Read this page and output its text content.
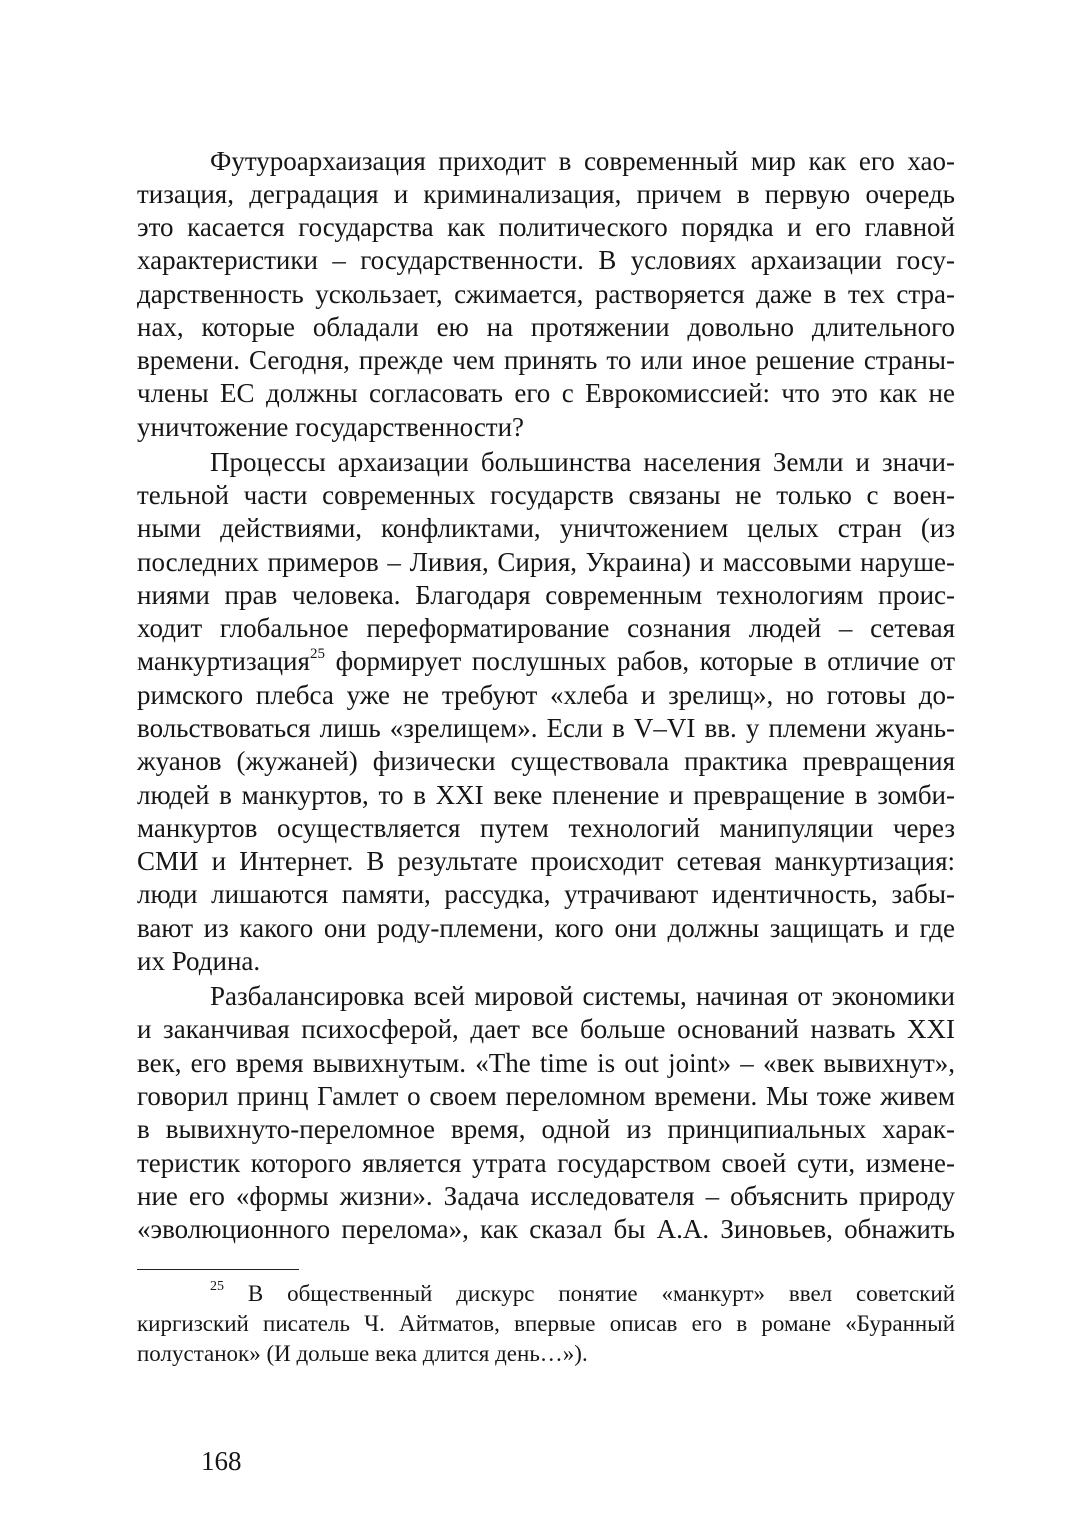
Футуроархаизация приходит в современный мир как его хао-
тизация, деградация и криминализация, причем в первую очередь
это касается государства как политического порядка и его главной
характеристики – государственности. В условиях архаизации госу-
дарственность ускользает, сжимается, растворяется даже в тех стра-
нах, которые обладали ею на протяжении довольно длительного
времени. Сегодня, прежде чем принять то или иное решение страны-
члены ЕС должны согласовать его с Еврокомиссией: что это как не
уничтожение государственности?
Процессы архаизации большинства населения Земли и значи-
тельной части современных государств связаны не только с воен-
ными действиями, конфликтами, уничтожением целых стран (из
последних примеров – Ливия, Сирия, Украина) и массовыми наруше-
ниями прав человека. Благодаря современным технологиям проис-
ходит глобальное переформатирование сознания людей – сетевая
манкуртизация$^{25}$ формирует послушных рабов, которые в отличие от
римского плебса уже не требуют «хлеба и зрелищ», но готовы до-
вольствоваться лишь «зрелищем». Если в V–VI вв. у племени жуань-
жуанов (жужаней) физически существовала практика превращения
людей в манкуртов, то в XXI веке пленение и превращение в зомби-
манкуртов осуществляется путем технологий манипуляции через
СМИ и Интернет. В результате происходит сетевая манкуртизация:
люди лишаются памяти, рассудка, утрачивают идентичность, забы-
вают из какого они роду-племени, кого они должны защищать и где
их Родина.
Разбалансировка всей мировой системы, начиная от экономики
и заканчивая психосферой, дает все больше оснований назвать XXI
век, его время вывихнутым. «The time is out joint» – «век вывихнут»,
говорил принц Гамлет о своем переломном времени. Мы тоже живем
в вывихнуто-переломное время, одной из принципиальных харак-
теристик которого является утрата государством своей сути, измене-
ние его «формы жизни». Задача исследователя – объяснить природу
«эволюционного перелома», как сказал бы А.А. Зиновьев, обнажить
$^{25}$ В общественный дискурс понятие «манкурт» ввел советский
киргизский писатель Ч. Айтматов, впервые описав его в романе «Буранный
полустанок» (И дольше века длится день…»).
168
